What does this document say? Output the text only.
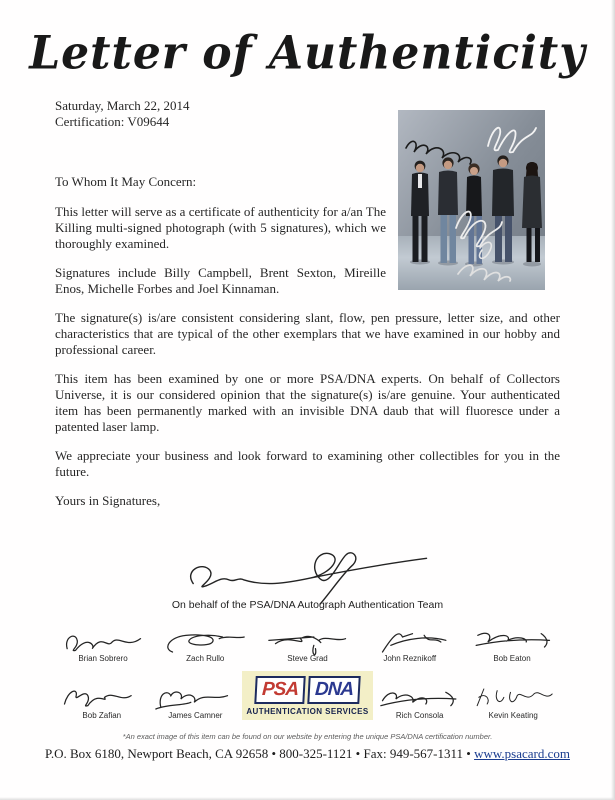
Letter of Authenticity
Saturday, March 22, 2014
Certification: V09644
To Whom It May Concern:

This letter will serve as a certificate of authenticity for a/an The Killing multi-signed photograph (with 5 signatures), which we thoroughly examined.

Signatures include Billy Campbell, Brent Sexton, Mireille Enos, Michelle Forbes and Joel Kinnaman.

The signature(s) is/are consistent considering slant, flow, pen pressure, letter size, and other characteristics that are typical of the other exemplars that we have examined in our hobby and professional career.

This item has been examined by one or more PSA/DNA experts. On behalf of Collectors Universe, it is our considered opinion that the signature(s) is/are genuine. Your authenticated item has been permanently marked with an invisible DNA daub that will fluoresce under a patented laser lamp.

We appreciate your business and look forward to examining other collectibles for you in the future.

Yours in Signatures,

On behalf of the PSA/DNA Autograph Authentication Team
Brian Sobrero	Zach Rullo	Steve Grad	John Reznikoff	Bob Eaton
Bob Zafian	James Camner
PSA DNA
AUTHENTICATION SERVICES	Rich Consola	Kevin Keating
*An exact image of this item can be found on our website by entering the unique PSA/DNA certification number.
P.O. Box 6180, Newport Beach, CA 92658 • 800-325-1121 • Fax: 949-567-1311 • www.psacard.com
